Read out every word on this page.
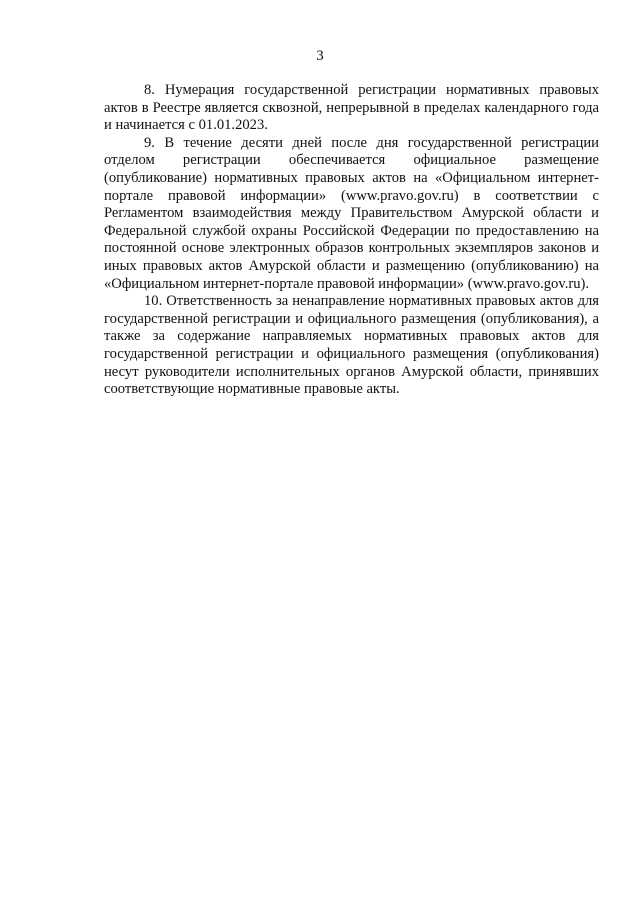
3

8. Нумерация государственной регистрации нормативных правовых актов в Реестре является сквозной, непрерывной в пределах календарного года и начинается с 01.01.2023.

9. В течение десяти дней после дня государственной регистрации отделом регистрации обеспечивается официальное размещение (опубликование) нормативных правовых актов на «Официальном интернет-портале правовой информации» (www.pravo.gov.ru) в соответствии с Регламентом взаимодействия между Правительством Амурской области и Федеральной службой охраны Российской Федерации по предоставлению на постоянной основе электронных образов контрольных экземпляров законов и иных правовых актов Амурской области и размещению (опубликованию) на «Официальном интернет-портале правовой информации» (www.pravo.gov.ru).

10. Ответственность за ненаправление нормативных правовых актов для государственной регистрации и официального размещения (опубликования), а также за содержание направляемых нормативных правовых актов для государственной регистрации и официального размещения (опубликования) несут руководители исполнительных органов Амурской области, принявших соответствующие нормативные правовые акты.
